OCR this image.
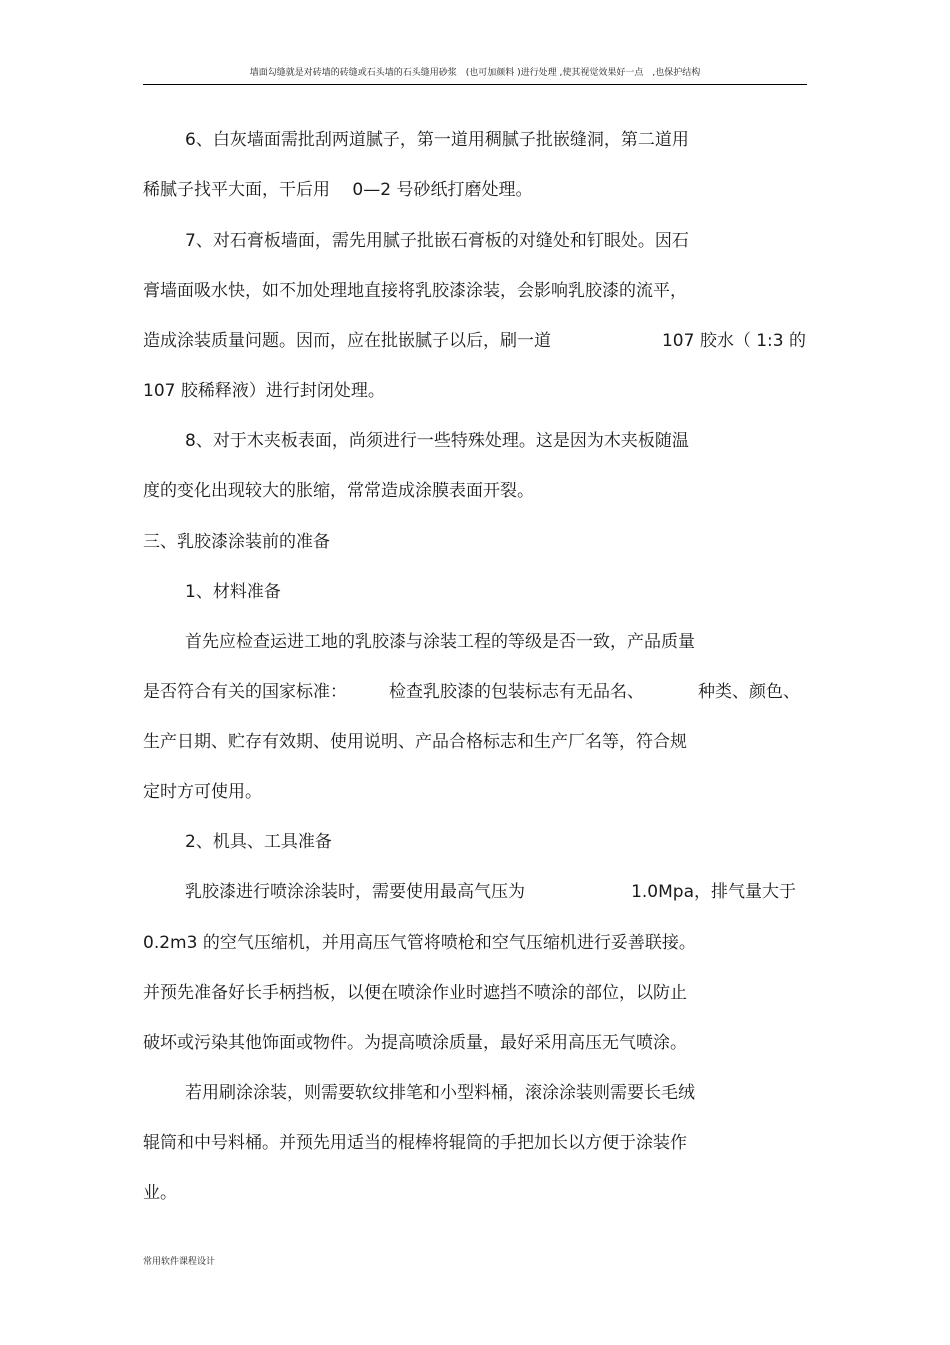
墙面勾缝就是对砖墙的砖缝或石头墙的石头缝用砂浆　(也可加颜料 )进行处理 ,使其视觉效果好一点　,也保护结构
6、白灰墙面需批刮两道腻子，第一道用稠腻子批嵌缝洞，第二道用
稀腻子找平大面，干后用　 0—2 号砂纸打磨处理。
7、对石膏板墙面，需先用腻子批嵌石膏板的对缝处和钉眼处。因石
膏墙面吸水快，如不加处理地直接将乳胶漆涂装，会影响乳胶漆的流平，
造成涂装质量问题。因而，应在批嵌腻子以后，刷一道	107 胶水（ 1:3 的
107 胶稀释液）进行封闭处理。
8、对于木夹板表面，尚须进行一些特殊处理。这是因为木夹板随温
度的变化出现较大的胀缩，常常造成涂膜表面开裂。
三、乳胶漆涂装前的准备
1、材料准备
首先应检查运进工地的乳胶漆与涂装工程的等级是否一致，产品质量
是否符合有关的国家标准： 检查乳胶漆的包装标志有无品名、	种类、颜色、
生产日期、贮存有效期、使用说明、产品合格标志和生产厂名等，符合规
定时方可使用。
2、机具、工具准备
乳胶漆进行喷涂涂装时，需要使用最高气压为	1.0Mpa，排气量大于
0.2m3 的空气压缩机，并用高压气管将喷枪和空气压缩机进行妥善联接。
并预先准备好长手柄挡板，以便在喷涂作业时遮挡不喷涂的部位，以防止
破坏或污染其他饰面或物件。为提高喷涂质量，最好采用高压无气喷涂。
若用刷涂涂装，则需要软纹排笔和小型料桶，滚涂涂装则需要长毛绒
辊筒和中号料桶。并预先用适当的棍棒将辊筒的手把加长以方便于涂装作
业。
常用软件课程设计
